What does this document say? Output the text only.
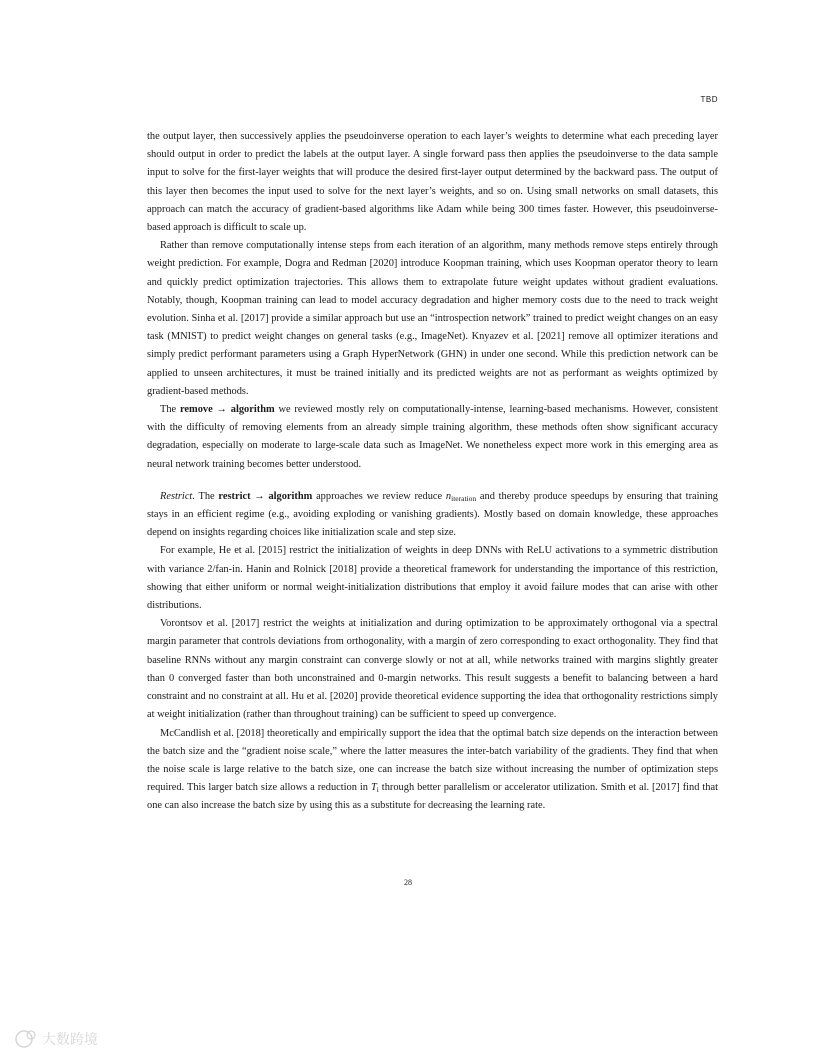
TBD

the output layer, then successively applies the pseudoinverse operation to each layer’s weights to determine what each preceding layer should output in order to predict the labels at the output layer. A single forward pass then applies the pseudoinverse to the data sample input to solve for the first-layer weights that will produce the desired first-layer output determined by the backward pass. The output of this layer then becomes the input used to solve for the next layer’s weights, and so on. Using small networks on small datasets, this approach can match the accuracy of gradient-based algorithms like Adam while being 300 times faster. However, this pseudoinverse-based approach is difficult to scale up.

Rather than remove computationally intense steps from each iteration of an algorithm, many methods remove steps entirely through weight prediction. For example, Dogra and Redman [2020] introduce Koopman training, which uses Koopman operator theory to learn and quickly predict optimization trajectories. This allows them to extrapolate future weight updates without gradient evaluations. Notably, though, Koopman training can lead to model accuracy degradation and higher memory costs due to the need to track weight evolution. Sinha et al. [2017] provide a similar approach but use an “introspection network” trained to predict weight changes on an easy task (MNIST) to predict weight changes on general tasks (e.g., ImageNet). Knyazev et al. [2021] remove all optimizer iterations and simply predict performant parameters using a Graph HyperNetwork (GHN) in under one second. While this prediction network can be applied to unseen architectures, it must be trained initially and its predicted weights are not as performant as weights optimized by gradient-based methods.

The remove → algorithm we reviewed mostly rely on computationally-intense, learning-based mechanisms. However, consistent with the difficulty of removing elements from an already simple training algorithm, these methods often show significant accuracy degradation, especially on moderate to large-scale data such as ImageNet. We nonetheless expect more work in this emerging area as neural network training becomes better understood.

Restrict. The restrict → algorithm approaches we review reduce $n_{iteration}$ and thereby produce speedups by ensuring that training stays in an efficient regime (e.g., avoiding exploding or vanishing gradients). Mostly based on domain knowledge, these approaches depend on insights regarding choices like initialization scale and step size.

For example, He et al. [2015] restrict the initialization of weights in deep DNNs with ReLU activations to a symmetric distribution with variance 2/fan-in. Hanin and Rolnick [2018] provide a theoretical framework for understanding the importance of this restriction, showing that either uniform or normal weight-initialization distributions that employ it avoid failure modes that can arise with other distributions.

Vorontsov et al. [2017] restrict the weights at initialization and during optimization to be approximately orthogonal via a spectral margin parameter that controls deviations from orthogonality, with a margin of zero corresponding to exact orthogonality. They find that baseline RNNs without any margin constraint can converge slowly or not at all, while networks trained with margins slightly greater than 0 converged faster than both unconstrained and 0-margin networks. This result suggests a benefit to balancing between a hard constraint and no constraint at all. Hu et al. [2020] provide theoretical evidence supporting the idea that orthogonality restrictions simply at weight initialization (rather than throughout training) can be sufficient to speed up convergence.

McCandlish et al. [2018] theoretically and empirically support the idea that the optimal batch size depends on the interaction between the batch size and the “gradient noise scale,” where the latter measures the inter-batch variability of the gradients. They find that when the noise scale is large relative to the batch size, one can increase the batch size without increasing the number of optimization steps required. This larger batch size allows a reduction in $T_i$ through better parallelism or accelerator utilization. Smith et al. [2017] find that one can also increase the batch size by using this as a substitute for decreasing the learning rate.

28
大数跨境
